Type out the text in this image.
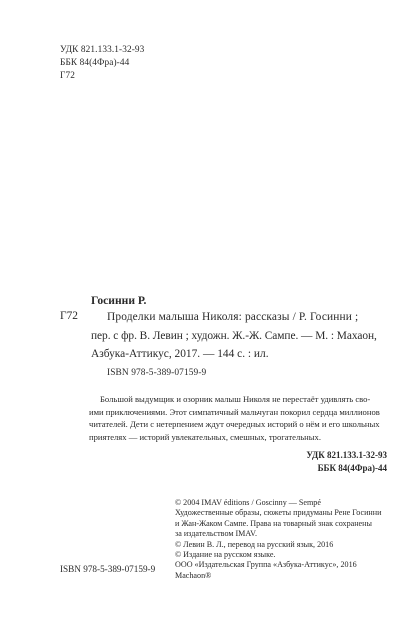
УДК 821.133.1-32-93
ББК 84(4Фра)-44
Г72
Госинни Р.
Г72	Проделки малыша Николя: рассказы / Р. Госинни ;
пер. с фр. В. Левин ; художн. Ж.-Ж. Сампе. — М. : Махаон,
Азбука-Аттикус, 2017. — 144 с. : ил.
ISBN 978-5-389-07159-9
Большой выдумщик и озорник малыш Николя не перестаёт удивлять сво-
ими приключениями. Этот симпатичный мальчуган покорил сердца миллионов
читателей. Дети с нетерпением ждут очередных историй о нём и его школьных
приятелях — историй увлекательных, смешных, трогательных.
УДК 821.133.1-32-93
ББК 84(4Фра)-44
© 2004 IMAV éditions / Goscinny — Sempé
Художественные образы, сюжеты придуманы Рене Госинни
и Жан-Жаком Сампе. Права на товарный знак сохранены
за издательством IMAV.
© Левин В. Л., перевод на русский язык, 2016
© Издание на русском языке.
ООО «Издательская Группа «Азбука-Аттикус», 2016
Machaon®
ISBN 978-5-389-07159-9
